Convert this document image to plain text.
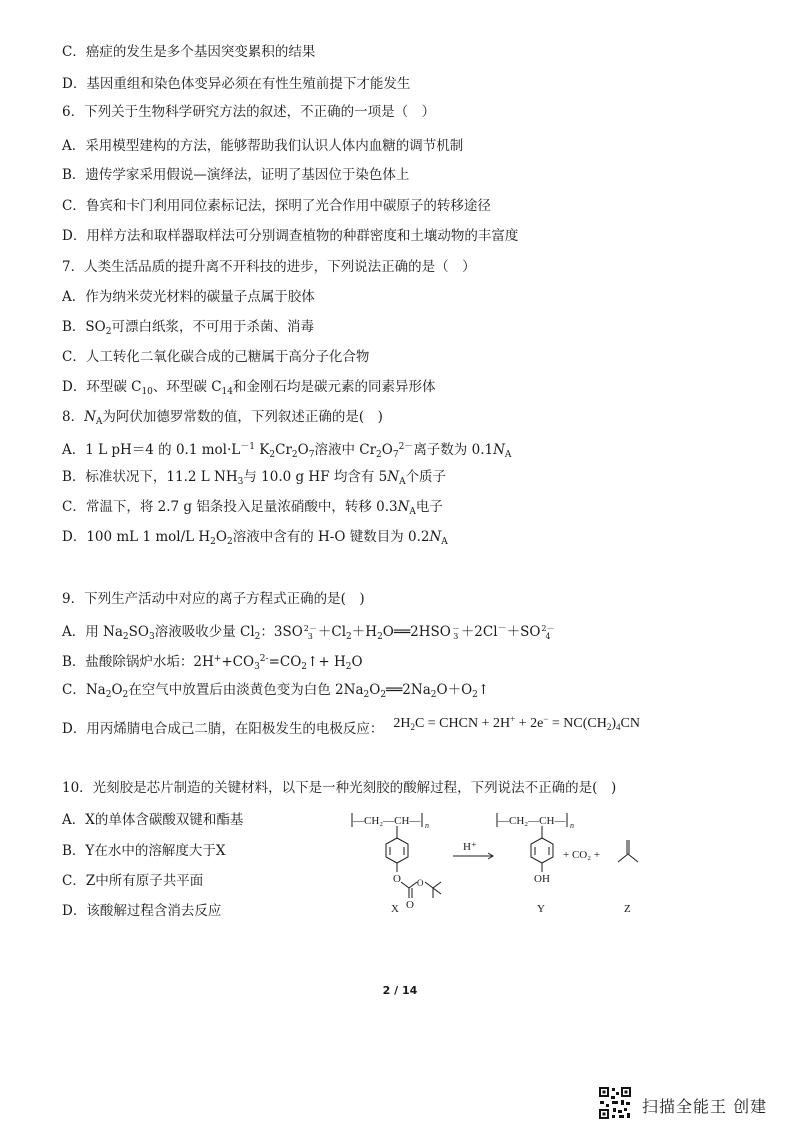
C．癌症的发生是多个基因突变累积的结果
D．基因重组和染色体变异必须在有性生殖前提下才能发生
6．下列关于生物科学研究方法的叙述，不正确的一项是（　）
A．采用模型建构的方法，能够帮助我们认识人体内血糖的调节机制
B．遗传学家采用假说—演绎法，证明了基因位于染色体上
C．鲁宾和卡门利用同位素标记法，探明了光合作用中碳原子的转移途径
D．用样方法和取样器取样法可分别调查植物的种群密度和土壤动物的丰富度
7．人类生活品质的提升离不开科技的进步，下列说法正确的是（　）
A．作为纳米荧光材料的碳量子点属于胶体
B．$SO_2$可漂白纸浆，不可用于杀菌、消毒
C．人工转化二氧化碳合成的己糖属于高分子化合物
D．环型碳 $C_{10}$、环型碳 $C_{14}$和金刚石均是碳元素的同素异形体
8．$N_A$为阿伏加德罗常数的值，下列叙述正确的是(　)
A．1 L pH＝4 的 0.1 $mol\cdot L^{-1}$ $K_2Cr_2O_7$溶液中 $Cr_2O_7^{2-}$离子数为 $0.1N_A$
B．标准状况下，11.2 L $NH_3$与 10.0 g HF 均含有 $5N_A$个质子
C．常温下，将 2.7 g 铝条投入足量浓硝酸中，转移 $0.3N_A$电子
D．100 mL 1 mol/L $H_2O_2$溶液中含有的 H-O 键数目为 $0.2N_A$
9．下列生产活动中对应的离子方程式正确的是(　)
A．用 $Na_2SO_3$溶液吸收少量 $Cl_2$：3SO2－
$3 +Cl_2+H_2O══2HSO-$
3 ＋2Cl－＋SO2－
4
B．盐酸除锅炉水垢：$2H^++CO_3^{2-}=CO_2↑+ H_2O$
C．$Na_2O_2$在空气中放置后由淡黄色变为白色 $2Na_2O_2══2Na_2O+O_2↑$
D．用丙烯腈电合成己二腈，在阳极发生的电极反应： $2H_2C$ = CHCN + $2H^+ + 2e^- = NC(CH_2)_4CN$
10．光刻胶是芯片制造的关键材料，以下是一种光刻胶的酸解过程，下列说法不正确的是(　)
A．X的单体含碳酸双键和酯基
B．Y在水中的溶解度大于X
C．Z中所有原子共平面
D．该酸解过程含消去反应
—CH₂—CH— n
O
O
O
X
H⁺
—CH₂—CH— n
OH
Y
+ CO₂ +
Z
2 / 14
扫描全能王 创建
